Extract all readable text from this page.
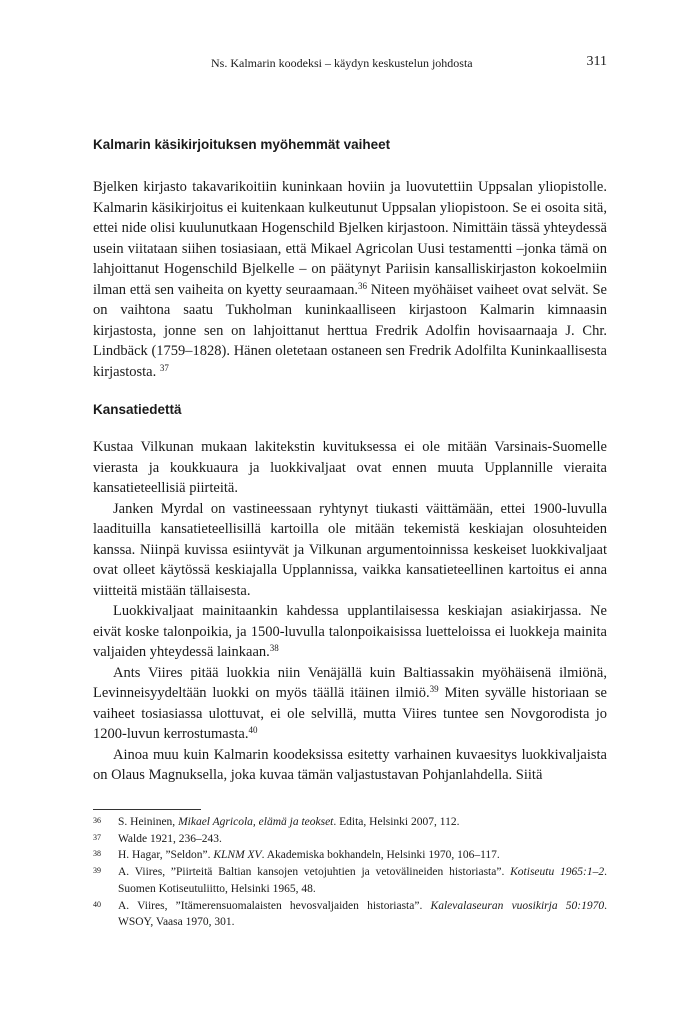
Ns. Kalmarin koodeksi – käydyn keskustelun johdosta	311
Kalmarin käsikirjoituksen myöhemmät vaiheet

Bjelken kirjasto takavarikoitiin kuninkaan hoviin ja luovutettiin Uppsalan yliopistolle. Kalmarin käsikirjoitus ei kuitenkaan kulkeutunut Uppsalan yliopistoon. Se ei osoita sitä, ettei nide olisi kuulunutkaan Hogenschild Bjelken kirjastoon. Nimittäin tässä yhteydessä usein viitataan siihen tosiasiaan, että Mikael Agricolan Uusi testamentti –jonka tämä on lahjoittanut Hogenschild Bjelkelle – on päätynyt Pariisin kansalliskirjaston kokoelmiin ilman että sen vaiheita on kyetty seuraamaan.$^{36}$ Niteen myöhäiset vaiheet ovat selvät. Se on vaihtona saatu Tukholman kuninkaalliseen kirjastoon Kalmarin kimnaasin kirjastosta, jonne sen on lahjoittanut herttua Fredrik Adolfin hovisaarnaaja J. Chr. Lindbäck (1759–1828). Hänen oletetaan ostaneen sen Fredrik Adolfilta Kuninkaallisesta kirjastosta. $^{37}$

Kansatiedettä

Kustaa Vilkunan mukaan lakitekstin kuvituksessa ei ole mitään Varsinais-Suomelle vierasta ja koukkuaura ja luokkivaljaat ovat ennen muuta Upplannille vieraita kansatieteellisiä piirteitä.

Janken Myrdal on vastineessaan ryhtynyt tiukasti väittämään, ettei 1900-luvulla laadituilla kansatieteellisillä kartoilla ole mitään tekemistä keskiajan olosuhteiden kanssa. Niinpä kuvissa esiintyvät ja Vilkunan argumentoinnissa keskeiset luokkivaljaat ovat olleet käytössä keskiajalla Upplannissa, vaikka kansatieteellinen kartoitus ei anna viitteitä mistään tällaisesta.

Luokkivaljaat mainitaankin kahdessa upplantilaisessa keskiajan asiakirjassa. Ne eivät koske talonpoikia, ja 1500-luvulla talonpoikaisissa luetteloissa ei luokkeja mainita valjaiden yhteydessä lainkaan.$^{38}$

Ants Viires pitää luokkia niin Venäjällä kuin Baltiassakin myöhäisenä ilmiönä, Levinneisyydeltään luokki on myös täällä itäinen ilmiö.$^{39}$ Miten syvälle historiaan se vaiheet tosiasiassa ulottuvat, ei ole selvillä, mutta Viires tuntee sen Novgorodista jo 1200-luvun kerrostumasta.$^{40}$

Ainoa muu kuin Kalmarin koodeksissa esitetty varhainen kuvaesitys luokkivaljaista on Olaus Magnuksella, joka kuvaa tämän valjastustavan Pohjanlahdella. Siitä

36 S. Heininen, Mikael Agricola, elämä ja teokset. Edita, Helsinki 2007, 112.
37 Walde 1921, 236–243.
38 H. Hagar, ”Seldon”. KLNM XV. Akademiska bokhandeln, Helsinki 1970, 106–117.
39 A. Viires, ”Piirteitä Baltian kansojen vetojuhtien ja vetovälineiden historiasta”. Kotiseutu 1965:1–2. Suomen Kotiseutuliitto, Helsinki 1965, 48.
40 A. Viires, ”Itämerensuomalaisten hevosvaljaiden historiasta”. Kalevalaseuran vuosikirja 50:1970. WSOY, Vaasa 1970, 301.
